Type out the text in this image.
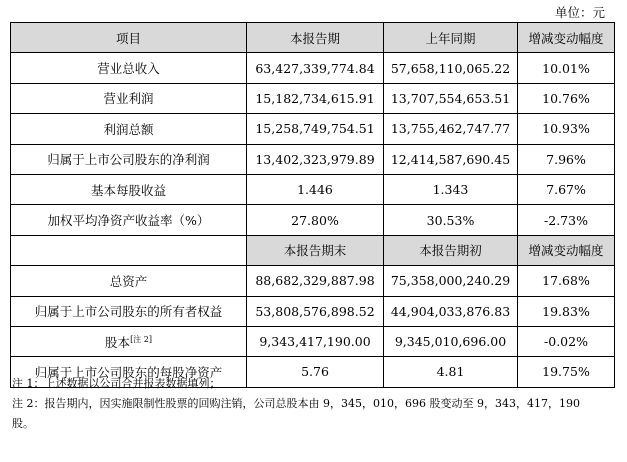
单位：元
项目	本报告期	上年同期	增减变动幅度
营业总收入	63,427,339,774.84	57,658,110,065.22	10.01%
营业利润	15,182,734,615.91	13,707,554,653.51	10.76%
利润总额	15,258,749,754.51	13,755,462,747.77	10.93%
归属于上市公司股东的净利润	13,402,323,979.89	12,414,587,690.45	7.96%
基本每股收益	1.446	1.343	7.67%
加权平均净资产收益率（%）	27.80%	30.53%	-2.73%
	本报告期末	本报告期初	增减变动幅度
总资产	88,682,329,887.98	75,358,000,240.29	17.68%
归属于上市公司股东的所有者权益	53,808,576,898.52	44,904,033,876.83	19.83%
股本[注 2]	9,343,417,190.00	9,345,010,696.00	-0.02%
归属于上市公司股东的每股净资产	5.76	4.81	19.75%
注 1：上述数据以公司合并报表数据填列；
注 2：报告期内，因实施限制性股票的回购注销，公司总股本由 9，345，010，696 股变动至 9，343，417，190
股。
